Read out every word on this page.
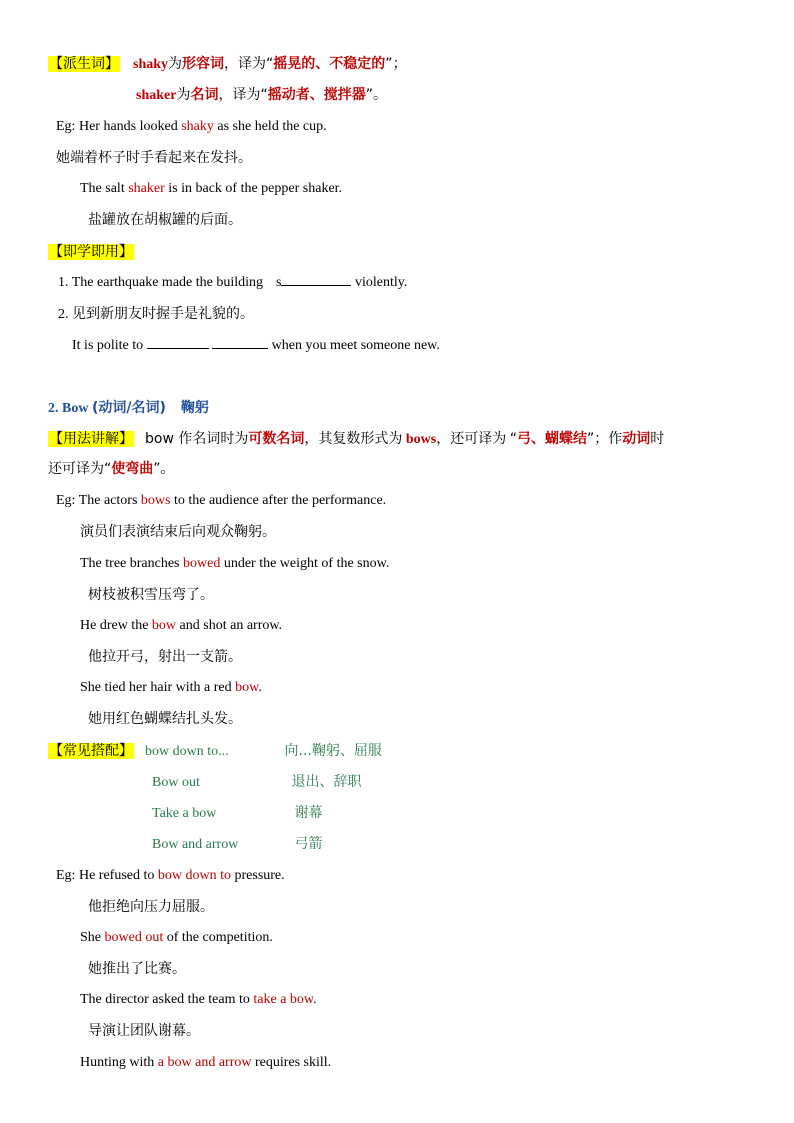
【派生词】 shaky为形容词，译为“摇晃的、不稳定的”；
shaker为名词，译为“摇动者、搅拌器”。
Eg: Her hands looked shaky as she held the cup.
她端着杯子时手看起来在发抖。
The salt shaker is in back of the pepper shaker.
盐罐放在胡椒罐的后面。
【即学即用】
1. The earthquake made the building s	violently.
2. 见到新朋友时握手是礼貌的。
It is polite to	when you meet someone new.
2. Bow (动词/名词) 鞠躬
【用法讲解】 bow 作名词时为可数名词，其复数形式为 bows，还可译为 “弓、蝴蝶结”；作动词时
还可译为“使弯曲”。
Eg: The actors bows to the audience after the performance.
演员们表演结束后向观众鞠躬。
The tree branches bowed under the weight of the snow.
树枝被积雪压弯了。
He drew the bow and shot an arrow.
他拉开弓，射出一支箭。
She tied her hair with a red bow.
她用红色蝴蝶结扎头发。
【常见搭配】 bow down to...	向...鞠躬、屈服
Bow out	退出、辞职
Take a bow	谢幕
Bow and arrow	弓箭
Eg: He refused to bow down to pressure.
他拒绝向压力屈服。
She bowed out of the competition.
她推出了比赛。
The director asked the team to take a bow.
导演让团队谢幕。
Hunting with a bow and arrow requires skill.
